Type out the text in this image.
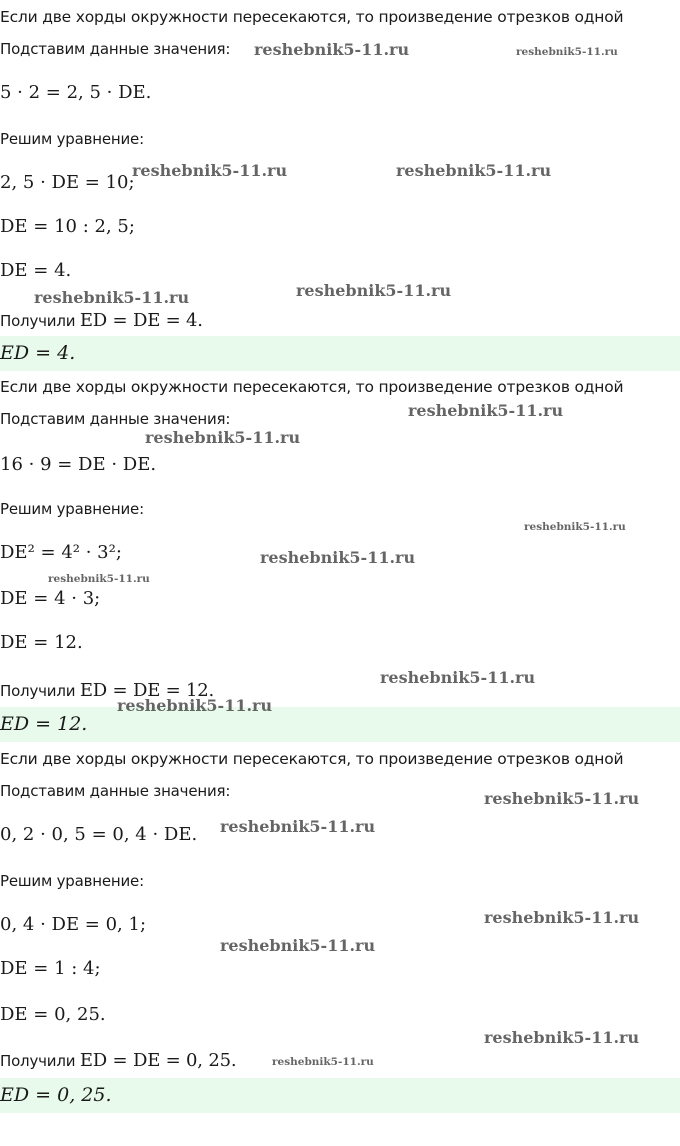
Если две хорды окружности пересекаются, то произведение отрезков одной
Подставим данные значения:
5 · 2 = 2, 5 · DE.
Решим уравнение:
2, 5 · DE = 10;
DE = 10 : 2, 5;
DE = 4.
Получили ED = DE = 4.
ED = 4.
Если две хорды окружности пересекаются, то произведение отрезков одной
Подставим данные значения:
16 · 9 = DE · DE.
Решим уравнение:
DE² = 4² · 3²;
DE = 4 · 3;
DE = 12.
Получили ED = DE = 12.
ED = 12.
Если две хорды окружности пересекаются, то произведение отрезков одной
Подставим данные значения:
0, 2 · 0, 5 = 0, 4 · DE.
Решим уравнение:
0, 4 · DE = 0, 1;
DE = 1 : 4;
DE = 0, 25.
Получили ED = DE = 0, 25.
ED = 0, 25.
reshebnik5-11.ru	reshebnik5-11.ru
reshebnik5-11.ru	reshebnik5-11.ru
reshebnik5-11.ru	reshebnik5-11.ru
reshebnik5-11.ru
reshebnik5-11.ru
reshebnik5-11.ru
reshebnik5-11.ru
reshebnik5-11.ru
reshebnik5-11.ru
reshebnik5-11.ru
reshebnik5-11.ru
reshebnik5-11.ru
reshebnik5-11.ru
reshebnik5-11.ru
reshebnik5-11.ru
reshebnik5-11.ru
